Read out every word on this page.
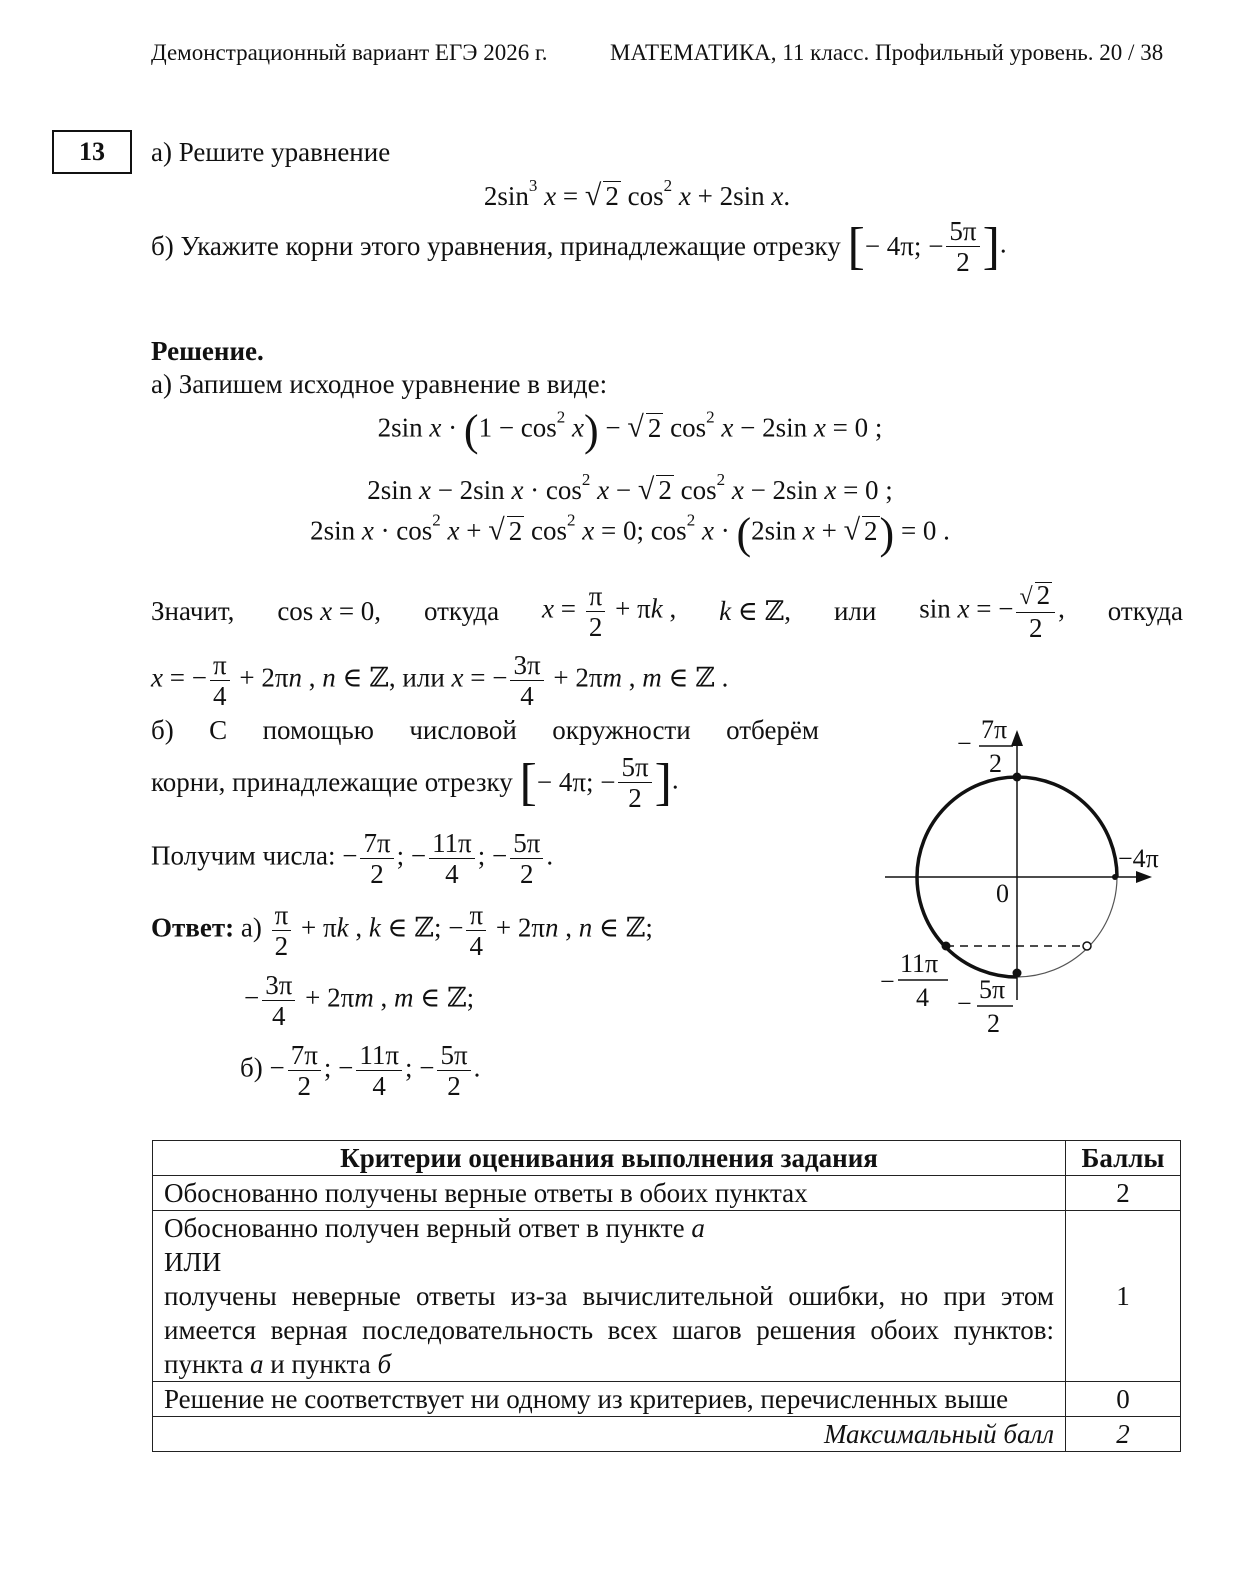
Демонстрационный вариант ЕГЭ 2026 г.	МАТЕМАТИКА, 11 класс. Профильный уровень. 20 / 38
13	а) Решите уравнение
$2\sin^3$ x = √ 2 $\cos^2 x + 2\sin$ x.
б) Укажите корни этого уравнения, принадлежащие отрезку [− 4π; − $\frac{5\pi}{2}$ ].
Решение.
а) Запишем исходное уравнение в виде:
2sin $x \cdot (1 - \cos^2 x)$ − √ 2 $\cos^2 x - 2\sin$ x = 0 ;
2sin x − 2sin $x \cdot \cos^2 x$ − √ 2 $\cos^2 x - 2\sin$ x = 0 ;
2sin $x \cdot \cos^2 x$ + √ 2 $\cos^2 x = 0$; $\cos^2 x \cdot (2\sin$ x + √ 2) = 0 .
Значит, cos x = 0, откуда $x = \frac{\pi}{2} + \pi k$ , k ∈ ℤ, или sin x = − $\frac{√ 2}{2}$ , откуда
x = − $\frac{\pi}{4} + 2\pi n$ , n ∈ ℤ, или x = − $\frac{3\pi}{4} + 2\pi m$ , m ∈ ℤ .
б) С помощью числовой окружности отберём
корни, принадлежащие отрезку [− 4π; − $\frac{5\pi}{2}$ ].
Получим числа: − $\frac{7\pi}{2}$ ; − $\frac{11\pi}{4}$ ; − $\frac{5\pi}{2}$ .
Ответ: $а) \frac{\pi}{2} + \pi k$ , k ∈ ℤ; − $\frac{\pi}{4} + 2\pi n$ , n ∈ ℤ;
− $\frac{3\pi}{4} + 2\pi m$ , m ∈ ℤ;
$б) - \frac{7\pi}{2}$ ; − $\frac{11\pi}{4}$ ; − $\frac{5\pi}{2}$ .
− 7π
2
−4π
0
−
11π
4 − 5π
2
Критерии оценивания выполнения задания	Баллы
Обоснованно получены верные ответы в обоих пунктах	2

Обоснованно получен верный ответ в пункте а
ИЛИ
получены неверные ответы из-за вычислительной ошибки, но при этом имеется верная последовательность всех шагов решения обоих пунктов: пункта а и пункта б	1
Решение не соответствует ни одному из критериев, перечисленных выше	0
Максимальный балл	2
